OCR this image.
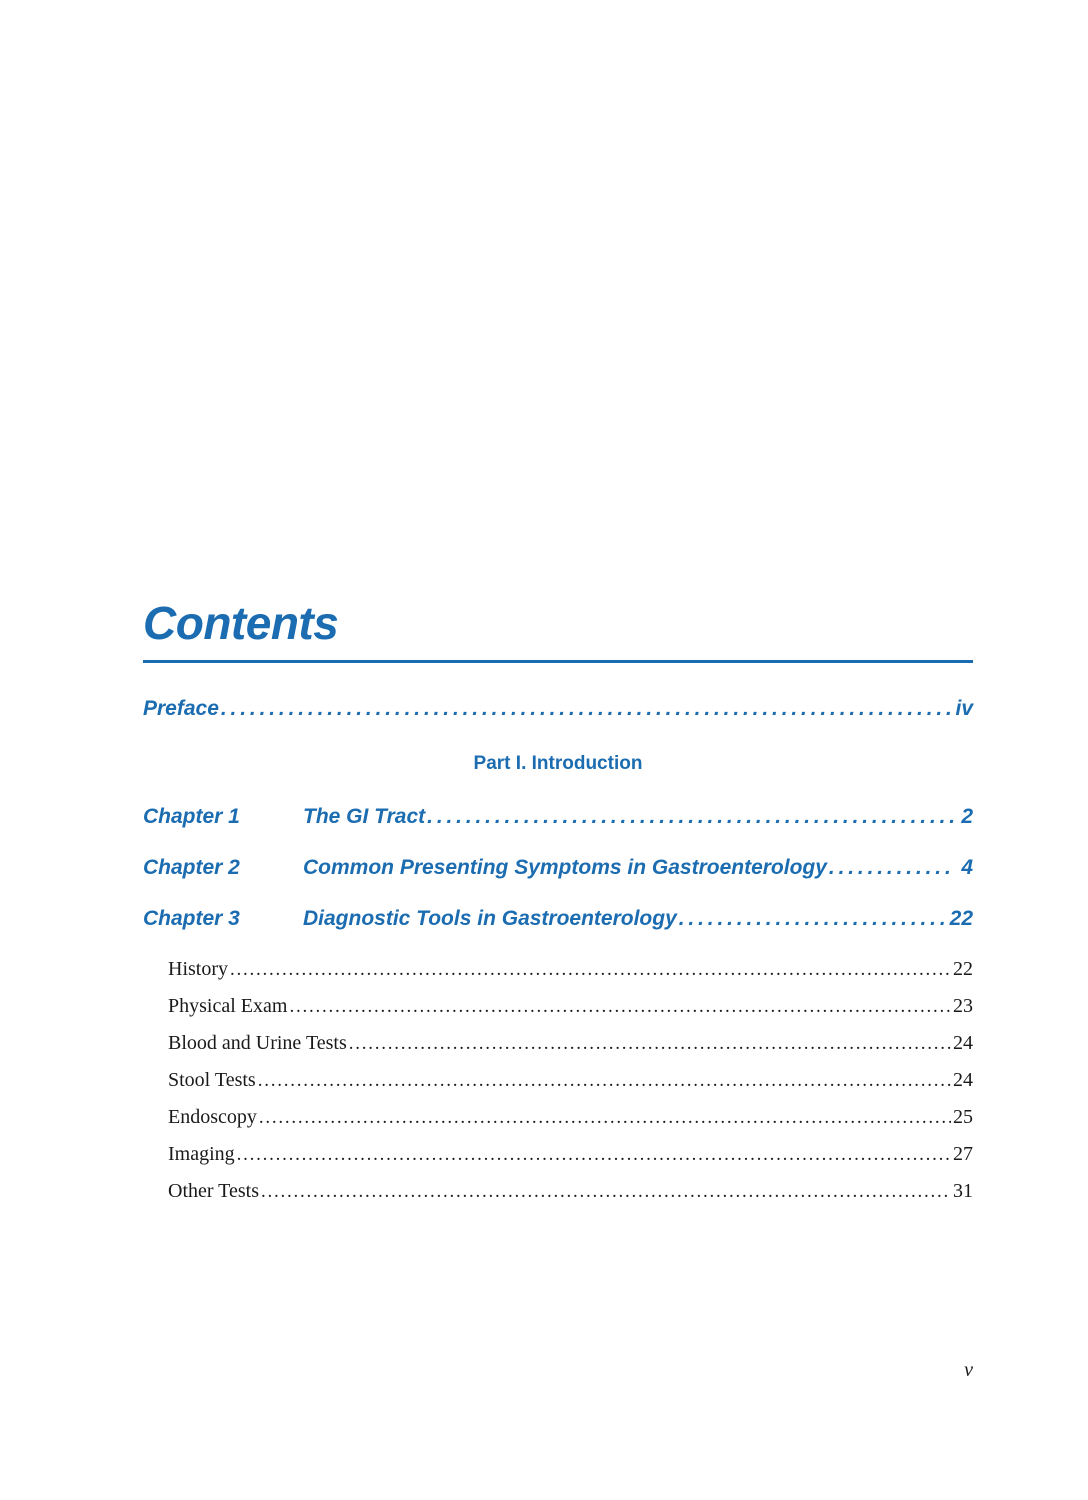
Contents
Preface . . .	iv
Part I. Introduction
Chapter 1	The GI Tract . . .	2
Chapter 2	Common Presenting Symptoms in Gastroenterology . . .	4
Chapter 3	Diagnostic Tools in Gastroenterology . . .	22
History . . .	22
Physical Exam . . .	23
Blood and Urine Tests . . .	24
Stool Tests . . .	24
Endoscopy . . .	25
Imaging . . .	27
Other Tests . . .	31
v
